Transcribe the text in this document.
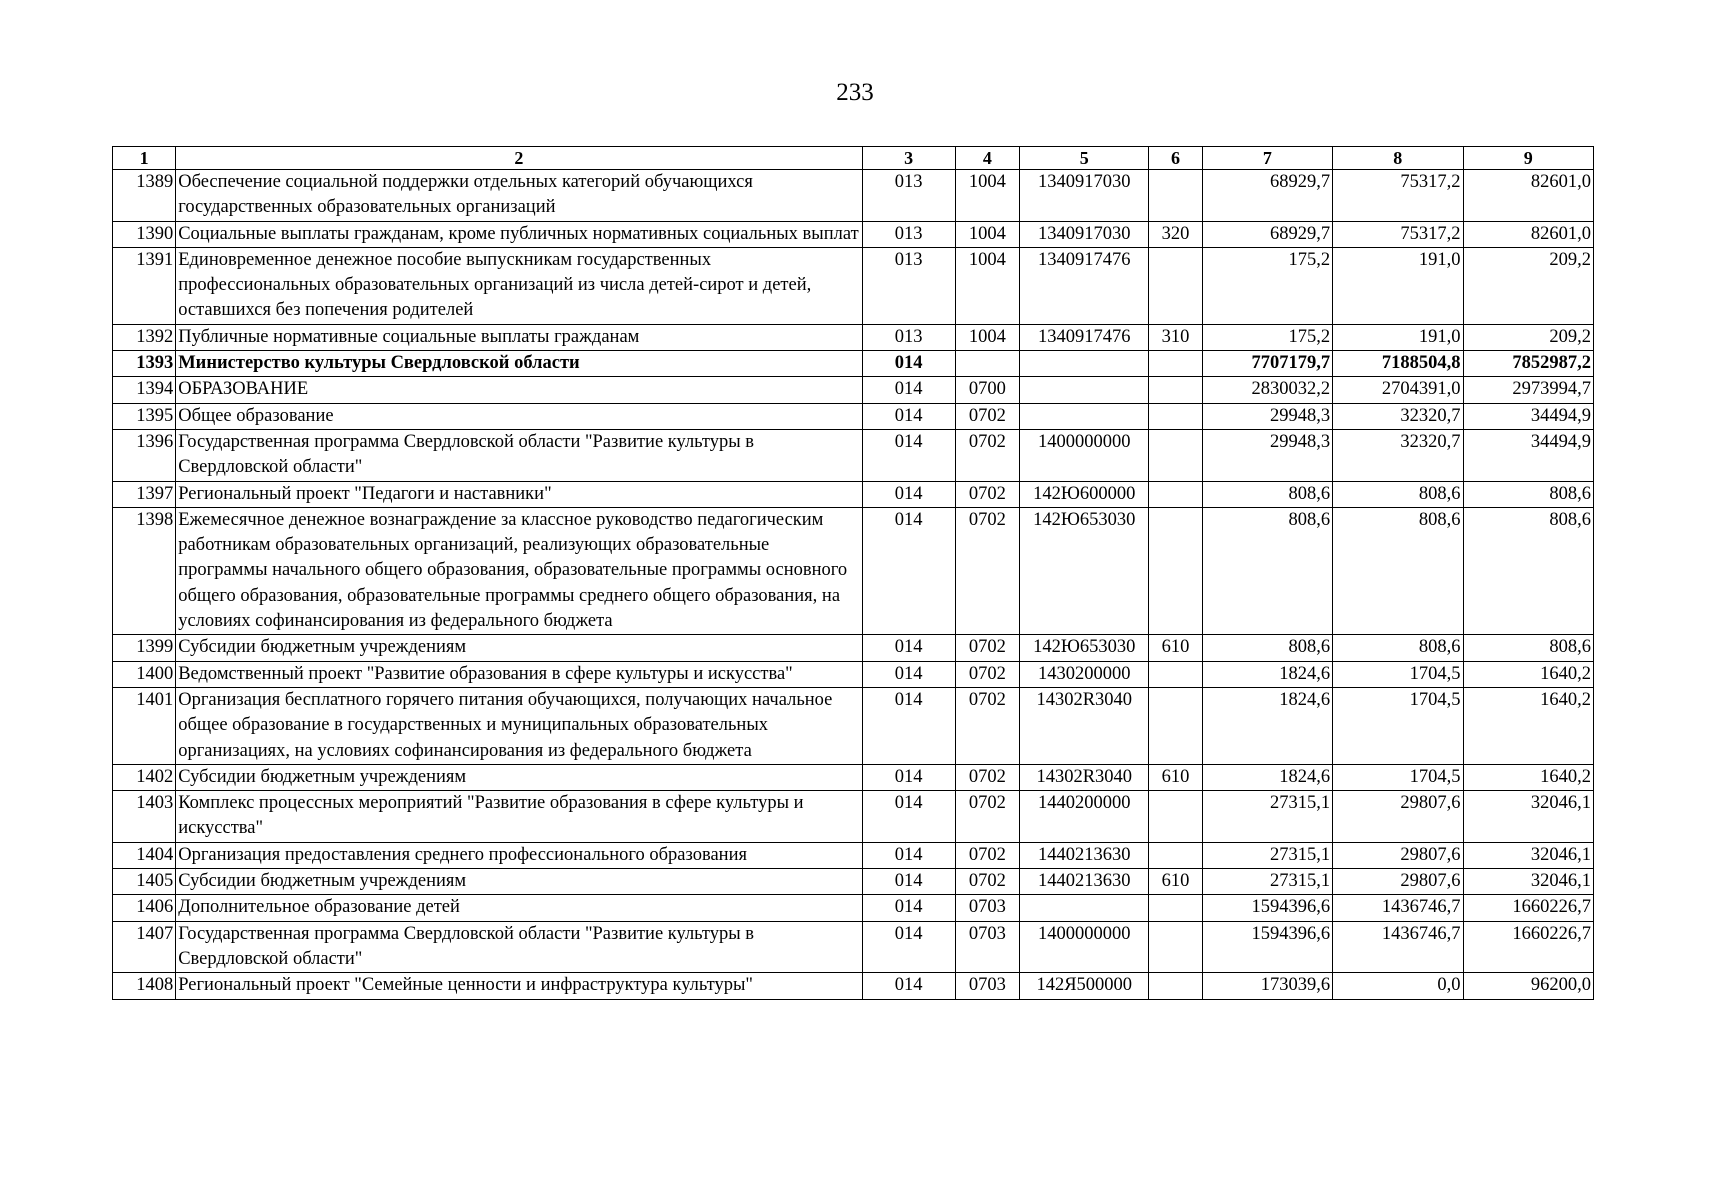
233
1	2	3	4	5	6	7	8	9
1389	Обеспечение социальной поддержки отдельных категорий обучающихся государственных образовательных организаций	013	1004	1340917030		68929,7	75317,2	82601,0
1390	Социальные выплаты гражданам, кроме публичных нормативных социальных выплат	013	1004	1340917030	320	68929,7	75317,2	82601,0
1391	Единовременное денежное пособие выпускникам государственных профессиональных образовательных организаций из числа детей-сирот и детей, оставшихся без попечения родителей	013	1004	1340917476		175,2	191,0	209,2
1392	Публичные нормативные социальные выплаты гражданам	013	1004	1340917476	310	175,2	191,0	209,2
1393	Министерство культуры Свердловской области	014				7707179,7	7188504,8	7852987,2
1394	ОБРАЗОВАНИЕ	014	0700			2830032,2	2704391,0	2973994,7
1395	Общее образование	014	0702			29948,3	32320,7	34494,9
1396	Государственная программа Свердловской области "Развитие культуры в Свердловской области"	014	0702	1400000000		29948,3	32320,7	34494,9
1397	Региональный проект "Педагоги и наставники"	014	0702	142Ю600000		808,6	808,6	808,6
1398	Ежемесячное денежное вознаграждение за классное руководство педагогическим работникам образовательных организаций, реализующих образовательные программы начального общего образования, образовательные программы основного общего образования, образовательные программы среднего общего образования, на условиях софинансирования из федерального бюджета	014	0702	142Ю653030		808,6	808,6	808,6
1399	Субсидии бюджетным учреждениям	014	0702	142Ю653030	610	808,6	808,6	808,6
1400	Ведомственный проект "Развитие образования в сфере культуры и искусства"	014	0702	1430200000		1824,6	1704,5	1640,2
1401	Организация бесплатного горячего питания обучающихся, получающих начальное общее образование в государственных и муниципальных образовательных организациях, на условиях софинансирования из федерального бюджета	014	0702	14302R3040		1824,6	1704,5	1640,2
1402	Субсидии бюджетным учреждениям	014	0702	14302R3040	610	1824,6	1704,5	1640,2
1403	Комплекс процессных мероприятий "Развитие образования в сфере культуры и искусства"	014	0702	1440200000		27315,1	29807,6	32046,1
1404	Организация предоставления среднего профессионального образования	014	0702	1440213630		27315,1	29807,6	32046,1
1405	Субсидии бюджетным учреждениям	014	0702	1440213630	610	27315,1	29807,6	32046,1
1406	Дополнительное образование детей	014	0703			1594396,6	1436746,7	1660226,7
1407	Государственная программа Свердловской области "Развитие культуры в Свердловской области"	014	0703	1400000000		1594396,6	1436746,7	1660226,7
1408	Региональный проект "Семейные ценности и инфраструктура культуры"	014	0703	142Я500000		173039,6	0,0	96200,0
